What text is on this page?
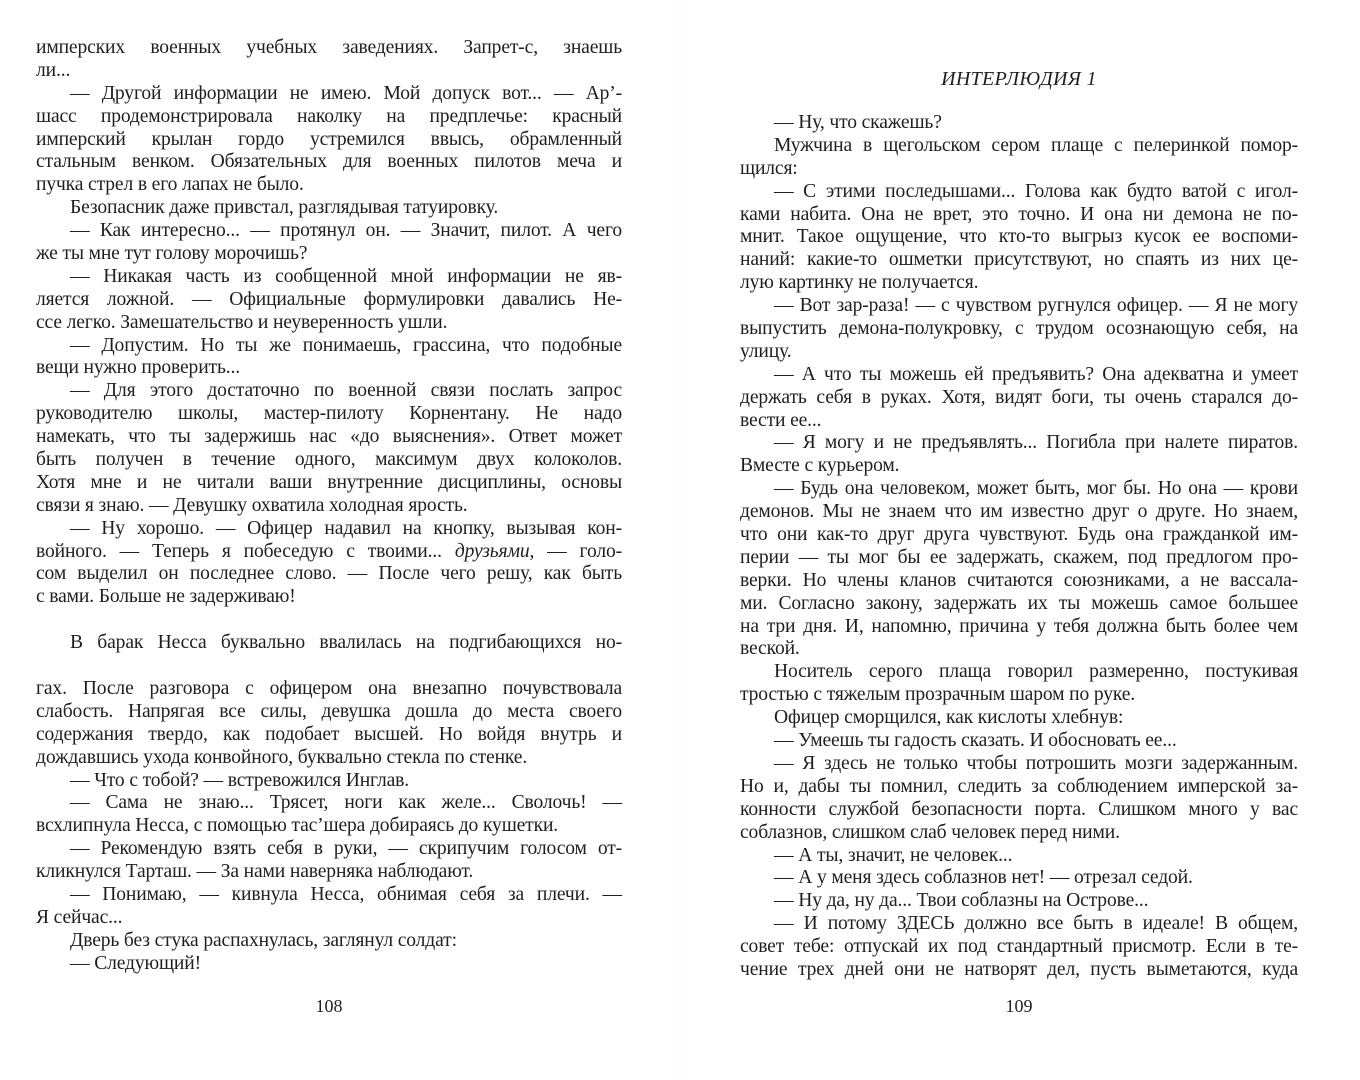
имперских военных учебных заведениях. Запрет-с, знаешь
ли...
— Другой информации не имею. Мой допуск вот... — Ар’-
шасс продемонстрировала наколку на предплечье: красный
имперский крылан гордо устремился ввысь, обрамленный
стальным венком. Обязательных для военных пилотов меча и
пучка стрел в его лапах не было.
Безопасник даже привстал, разглядывая татуировку.
— Как интересно... — протянул он. — Значит, пилот. А чего
же ты мне тут голову морочишь?
— Никакая часть из сообщенной мной информации не яв-
ляется ложной. — Официальные формулировки давались Не-
ссе легко. Замешательство и неуверенность ушли.
— Допустим. Но ты же понимаешь, грассина, что подобные
вещи нужно проверить...
— Для этого достаточно по военной связи послать запрос
руководителю школы, мастер-пилоту Корнентану. Не надо
намекать, что ты задержишь нас «до выяснения». Ответ может
быть получен в течение одного, максимум двух колоколов.
Хотя мне и не читали ваши внутренние дисциплины, основы
связи я знаю. — Девушку охватила холодная ярость.
— Ну хорошо. — Офицер надавил на кнопку, вызывая кон-
войного. — Теперь я побеседую с твоими... друзьями, — голо-
сом выделил он последнее слово. — После чего решу, как быть
с вами. Больше не задерживаю!
В барак Несса буквально ввалилась на подгибающихся но-
гах. После разговора с офицером она внезапно почувствовала
слабость. Напрягая все силы, девушка дошла до места своего
содержания твердо, как подобает высшей. Но войдя внутрь и
дождавшись ухода конвойного, буквально стекла по стенке.
— Что с тобой? — встревожился Инглав.
— Сама не знаю... Трясет, ноги как желе... Сволочь! —
всхлипнула Несса, с помощью тас’шера добираясь до кушетки.
— Рекомендую взять себя в руки, — скрипучим голосом от-
кликнулся Тарташ. — За нами наверняка наблюдают.
— Понимаю, — кивнула Несса, обнимая себя за плечи. —
Я сейчас...
Дверь без стука распахнулась, заглянул солдат:
— Следующий!
108
ИНТЕРЛЮДИЯ 1
— Ну, что скажешь?
Мужчина в щегольском сером плаще с пелеринкой помор-
щился:
— С этими последышами... Голова как будто ватой с игол-
ками набита. Она не врет, это точно. И она ни демона не по-
мнит. Такое ощущение, что кто-то выгрыз кусок ее воспоми-
наний: какие-то ошметки присутствуют, но спаять из них це-
лую картинку не получается.
— Вот зар-раза! — с чувством ругнулся офицер. — Я не могу
выпустить демона-полукровку, с трудом осознающую себя, на
улицу.
— А что ты можешь ей предъявить? Она адекватна и умеет
держать себя в руках. Хотя, видят боги, ты очень старался до-
вести ее...
— Я могу и не предъявлять... Погибла при налете пиратов.
Вместе с курьером.
— Будь она человеком, может быть, мог бы. Но она — крови
демонов. Мы не знаем что им известно друг о друге. Но знаем,
что они как-то друг друга чувствуют. Будь она гражданкой им-
перии — ты мог бы ее задержать, скажем, под предлогом про-
верки. Но члены кланов считаются союзниками, а не вассала-
ми. Согласно закону, задержать их ты можешь самое большее
на три дня. И, напомню, причина у тебя должна быть более чем
веской.
Носитель серого плаща говорил размеренно, постукивая
тростью с тяжелым прозрачным шаром по руке.
Офицер сморщился, как кислоты хлебнув:
— Умеешь ты гадость сказать. И обосновать ее...
— Я здесь не только чтобы потрошить мозги задержанным.
Но и, дабы ты помнил, следить за соблюдением имперской за-
конности службой безопасности порта. Слишком много у вас
соблазнов, слишком слаб человек перед ними.
— А ты, значит, не человек...
— А у меня здесь соблазнов нет! — отрезал седой.
— Ну да, ну да... Твои соблазны на Острове...
— И потому ЗДЕСЬ должно все быть в идеале! В общем,
совет тебе: отпускай их под стандартный присмотр. Если в те-
чение трех дней они не натворят дел, пусть выметаются, куда
109
